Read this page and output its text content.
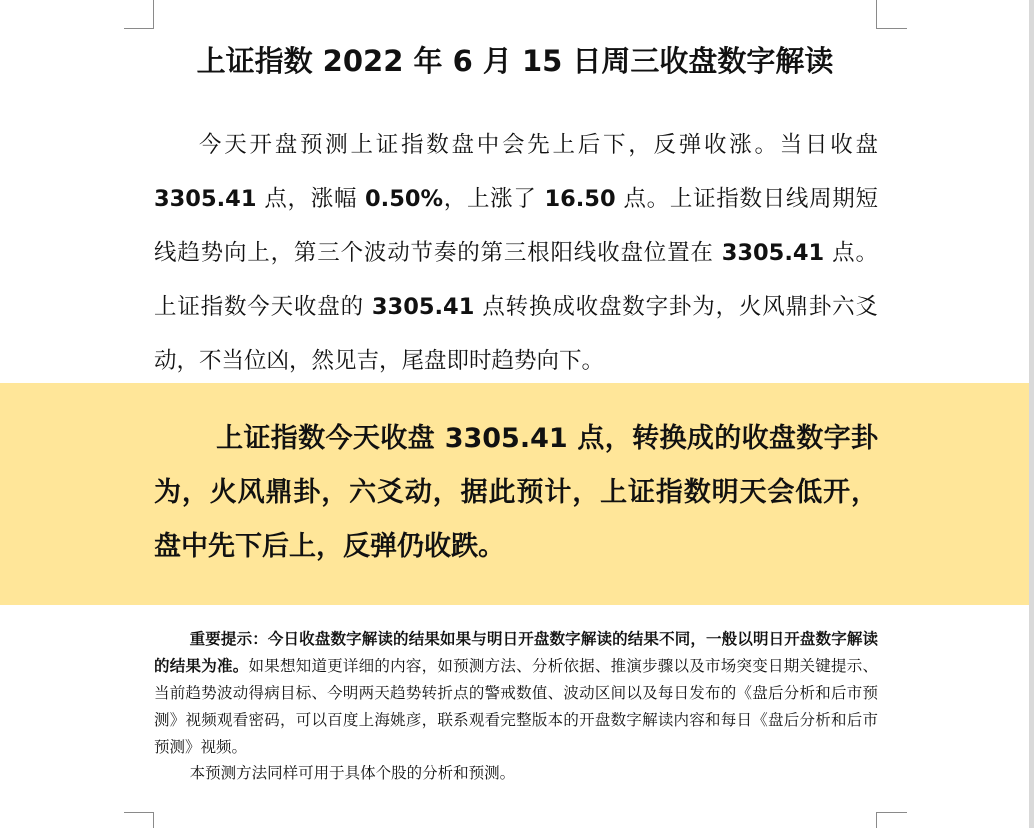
上证指数 2022 年 6 月 15 日周三收盘数字解读

今天开盘预测上证指数盘中会先上后下，反弹收涨。当日收盘 3305.41 点，涨幅 0.50%，上涨了 16.50 点。上证指数日线周期短线趋势向上，第三个波动节奏的第三根阳线收盘位置在 3305.41 点。上证指数今天收盘的 3305.41 点转换成收盘数字卦为，火风鼎卦六爻动，不当位凶，然见吉，尾盘即时趋势向下。

上证指数今天收盘 3305.41 点，转换成的收盘数字卦为，火风鼎卦，六爻动，据此预计，上证指数明天会低开，盘中先下后上，反弹仍收跌。

重要提示：今日收盘数字解读的结果如果与明日开盘数字解读的结果不同，一般以明日开盘数字解读的结果为准。如果想知道更详细的内容，如预测方法、分析依据、推演步骤以及市场突变日期关键提示、当前趋势波动得病目标、今明两天趋势转折点的警戒数值、波动区间以及每日发布的《盘后分析和后市预测》视频观看密码，可以百度上海姚彦，联系观看完整版本的开盘数字解读内容和每日《盘后分析和后市预测》视频。

本预测方法同样可用于具体个股的分析和预测。
